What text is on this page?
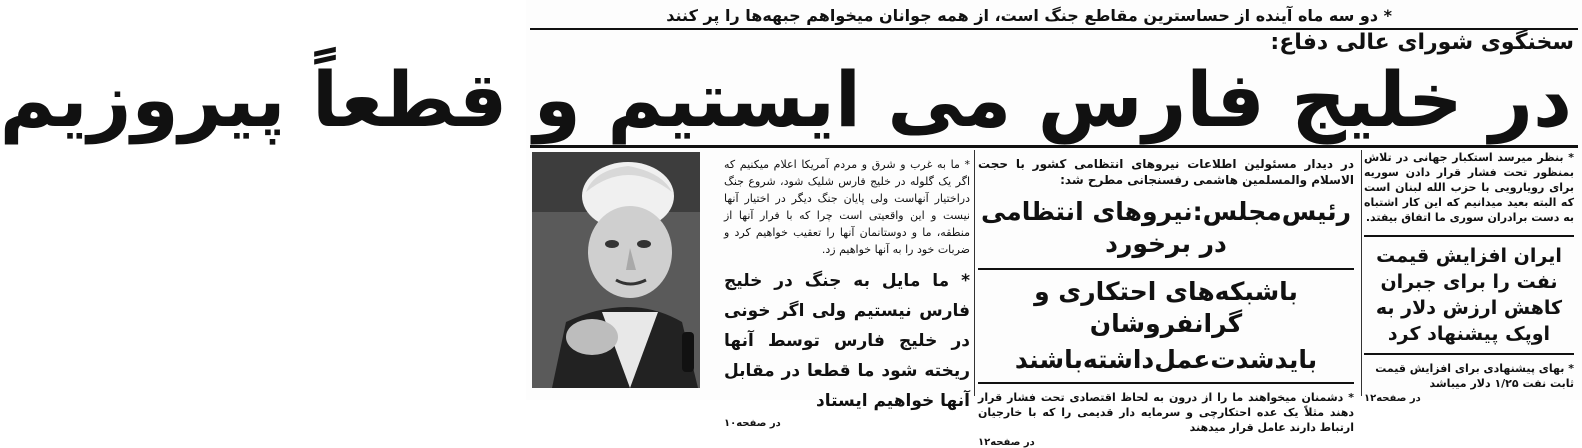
* دو سه ماه آینده از حساسترین مقاطع جنگ است، از همه جوانان میخواهم جبهه‌ها را پر کنند
سخنگوی شورای عالی دفاع:
در خلیج فارس می ایستیم و قطعاً پیروزیم

* بنظر میرسد استکبار جهانی در تلاش بمنظور تحت فشار قرار دادن سوریه برای رویارویی با حزب الله لبنان است که البته بعید میدانیم که این کار اشتباه به دست برادران سوری ما اتفاق بیفتد.

ایران افزایش قیمت نفت را برای جبران کاهش ارزش دلار به اوپک پیشنهاد کرد

* بهای پیشنهادی برای افزایش قیمت ثابت نفت ۱/۲۵ دلار میباشد

در صفحه۱۲

در دیدار مسئولین اطلاعات نیروهای انتظامی کشور با حجت الاسلام والمسلمین هاشمی رفسنجانی مطرح شد:

رئیس‌مجلس:نیروهای انتظامی در برخورد
باشبکه‌های احتکاری و گرانفروشان
بایدشدت‌عمل‌داشته‌باشند

* دشمنان میخواهند ما را از درون به لحاظ اقتصادی تحت فشار قرار دهند مثلاً یک عده احتکارچی و سرمایه دار قدیمی را که با خارجیان ارتباط دارند عامل قرار میدهند

در صفحه۱۲

* ما به غرب و شرق و مردم آمریکا اعلام میکنیم که اگر یک گلوله در خلیج فارس شلیک شود، شروع جنگ دراختیار آنهاست ولی پایان جنگ دیگر در اختیار آنها نیست و این واقعیتی است چرا که با فرار آنها از منطقه، ما و دوستانمان آنها را تعقیب خواهیم کرد و ضربات خود را به آنها خواهیم زد.

* ما مایل به جنگ در خلیج فارس نیستیم ولی اگر خونی در خلیج فارس توسط آنها ریخته شود ما قطعا در مقابل آنها خواهیم ایستاد

در صفحه۱۰
